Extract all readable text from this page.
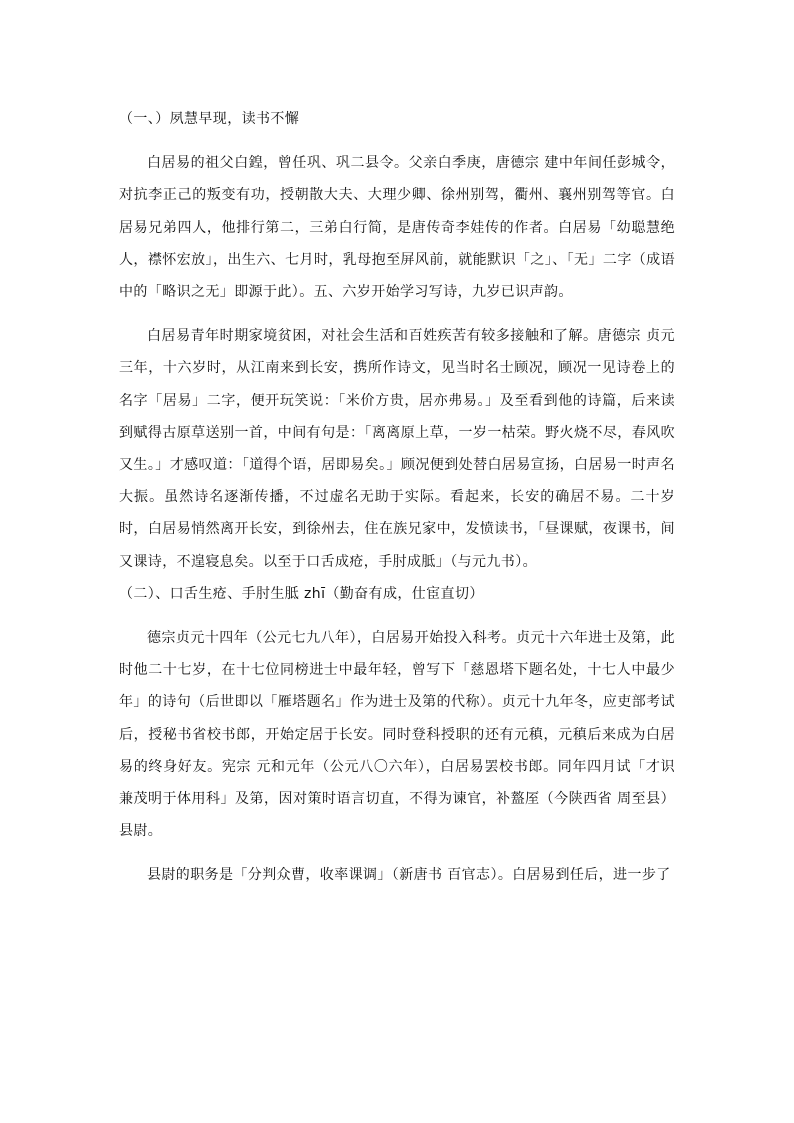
（一、）夙慧早现，读书不懈

白居易的祖父白鍠，曾任巩、巩二县令。父亲白季庚，唐德宗 建中年间任彭城令，对抗李正己的叛变有功，授朝散大夫、大理少卿、徐州别驾，衢州、襄州别驾等官。白居易兄弟四人，他排行第二，三弟白行简，是唐传奇李娃传的作者。白居易「幼聪慧绝人，襟怀宏放」，出生六、七月时，乳母抱至屏风前，就能默识「之」、「无」二字（成语中的「略识之无」即源于此）。五、六岁开始学习写诗，九岁已识声韵。

白居易青年时期家境贫困，对社会生活和百姓疾苦有较多接触和了解。唐德宗 贞元三年，十六岁时，从江南来到长安，携所作诗文，见当时名士顾况，顾况一见诗卷上的名字「居易」二字，便开玩笑说：「米价方贵，居亦弗易。」及至看到他的诗篇，后来读到赋得古原草送别一首，中间有句是：「离离原上草，一岁一枯荣。野火烧不尽，春风吹又生。」才感叹道：「道得个语，居即易矣。」顾况便到处替白居易宣扬，白居易一时声名大振。虽然诗名逐渐传播，不过虚名无助于实际。看起来，长安的确居不易。二十岁时，白居易悄然离开长安，到徐州去，住在族兄家中，发愤读书，「昼课赋，夜课书，间又课诗，不遑寝息矣。以至于口舌成疮，手肘成胝」（与元九书）。

（二）、口舌生疮、手肘生胝 zhī（勤奋有成，仕宦直切）

德宗贞元十四年（公元七九八年），白居易开始投入科考。贞元十六年进士及第，此时他二十七岁，在十七位同榜进士中最年轻，曾写下「慈恩塔下题名处，十七人中最少年」的诗句（后世即以「雁塔题名」作为进士及第的代称）。贞元十九年冬，应吏部考试后，授秘书省校书郎，开始定居于长安。同时登科授职的还有元稹，元稹后来成为白居易的终身好友。宪宗 元和元年（公元八〇六年），白居易罢校书郎。同年四月试「才识兼茂明于体用科」及第，因对策时语言切直，不得为谏官，补盩厔（今陕西省 周至县）县尉。

县尉的职务是「分判众曹，收率课调」（新唐书 百官志）。白居易到任后，进一步了
